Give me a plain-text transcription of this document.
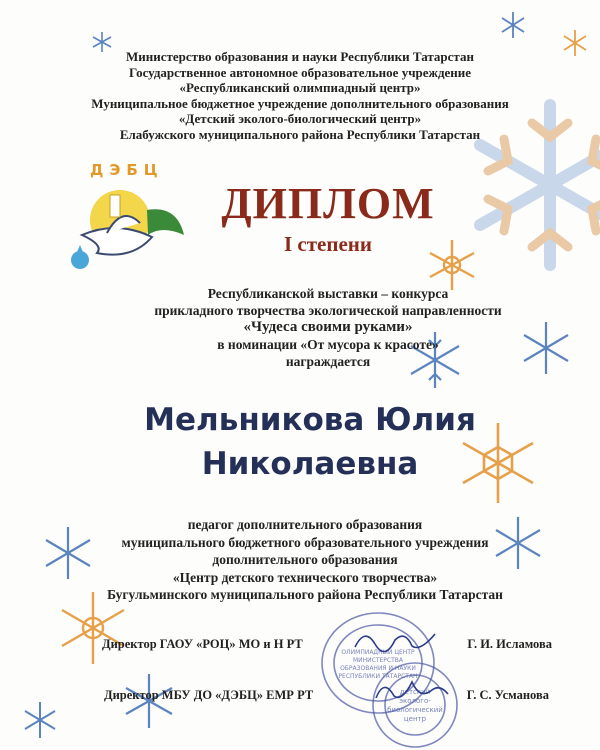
Министерство образования и науки Республики Татарстан
Государственное автономное образовательное учреждение
«Республиканский олимпиадный центр»
Муниципальное бюджетное учреждение дополнительного образования
«Детский эколого-биологический центр»
Елабужского муниципального района Республики Татарстан
ДЭБЦ
ДИПЛОМ
I степени
Республиканской выставки – конкурса
прикладного творчества экологической направленности
«Чудеса своими руками»
в номинации «От мусора к красоте»
награждается
Мельникова Юлия
Николаевна
педагог дополнительного образования
муниципального бюджетного образовательного учреждения
дополнительного образования
«Центр детского технического творчества»
Бугульминского муниципального района Республики Татарстан
ОЛИМПИАДНЫЙ ЦЕНТР
МИНИСТЕРСТВА
ОБРАЗОВАНИЯ И НАУКИ
РЕСПУБЛИКИ ТАТАРСТАН
детский
эколого-
биологический
центр
Директор ГАОУ «РОЦ» МО и Н РТ	Г. И. Исламова
Директор МБУ ДО «ДЭБЦ» ЕМР РТ	Г. С. Усманова
